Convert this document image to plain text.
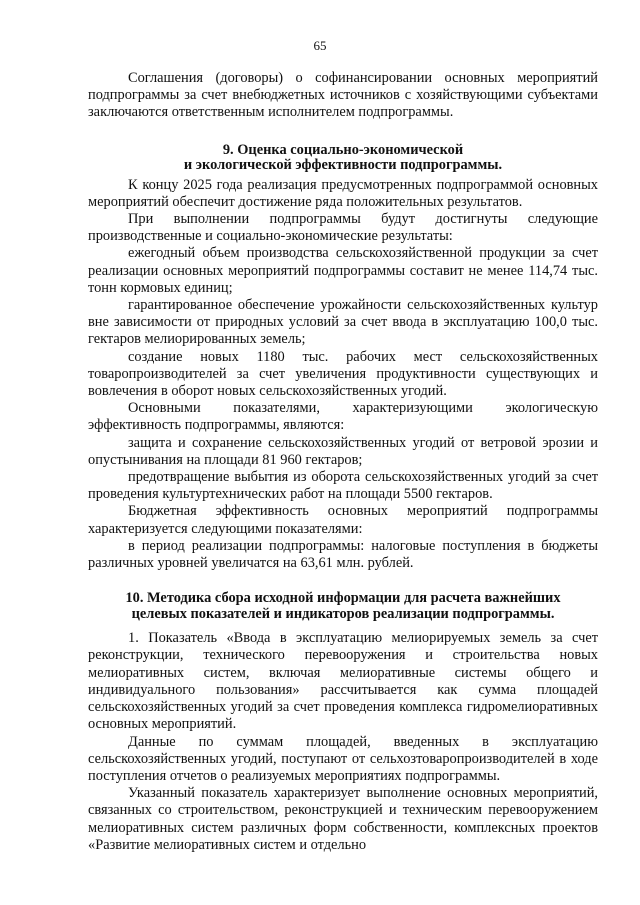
65

Соглашения (договоры) о софинансировании основных мероприятий подпрограммы за счет внебюджетных источников с хозяйствующими субъектами заключаются ответственным исполнителем подпрограммы.

9. Оценка социально-экономической
и экологической эффективности подпрограммы.

К концу 2025 года реализация предусмотренных подпрограммой основных мероприятий обеспечит достижение ряда положительных результатов.

При выполнении подпрограммы будут достигнуты следующие производственные и социально-экономические результаты:

ежегодный объем производства сельскохозяйственной продукции за счет реализации основных мероприятий подпрограммы составит не менее 114,74 тыс. тонн кормовых единиц;

гарантированное обеспечение урожайности сельскохозяйственных культур вне зависимости от природных условий за счет ввода в эксплуатацию 100,0 тыс. гектаров мелиорированных земель;

создание новых 1180 тыс. рабочих мест сельскохозяйственных товаропроизводителей за счет увеличения продуктивности существующих и вовлечения в оборот новых сельскохозяйственных угодий.

Основными показателями, характеризующими экологическую эффективность подпрограммы, являются:

защита и сохранение сельскохозяйственных угодий от ветровой эрозии и опустынивания на площади 81 960 гектаров;

предотвращение выбытия из оборота сельскохозяйственных угодий за счет проведения культуртехнических работ на площади 5500 гектаров.

Бюджетная эффективность основных мероприятий подпрограммы характеризуется следующими показателями:

в период реализации подпрограммы: налоговые поступления в бюджеты различных уровней увеличатся на 63,61 млн. рублей.

10. Методика сбора исходной информации для расчета важнейших
целевых показателей и индикаторов реализации подпрограммы.

1. Показатель «Ввода в эксплуатацию мелиорируемых земель за счет реконструкции, технического перевооружения и строительства новых мелиоративных систем, включая мелиоративные системы общего и индивидуального пользования» рассчитывается как сумма площадей сельскохозяйственных угодий за счет проведения комплекса гидромелиоративных основных мероприятий.

Данные по суммам площадей, введенных в эксплуатацию сельскохозяйственных угодий, поступают от сельхозтоваропроизводителей в ходе поступления отчетов о реализуемых мероприятиях подпрограммы.

Указанный показатель характеризует выполнение основных мероприятий, связанных со строительством, реконструкцией и техническим перевооружением мелиоративных систем различных форм собственности, комплексных проектов «Развитие мелиоративных систем и отдельно
